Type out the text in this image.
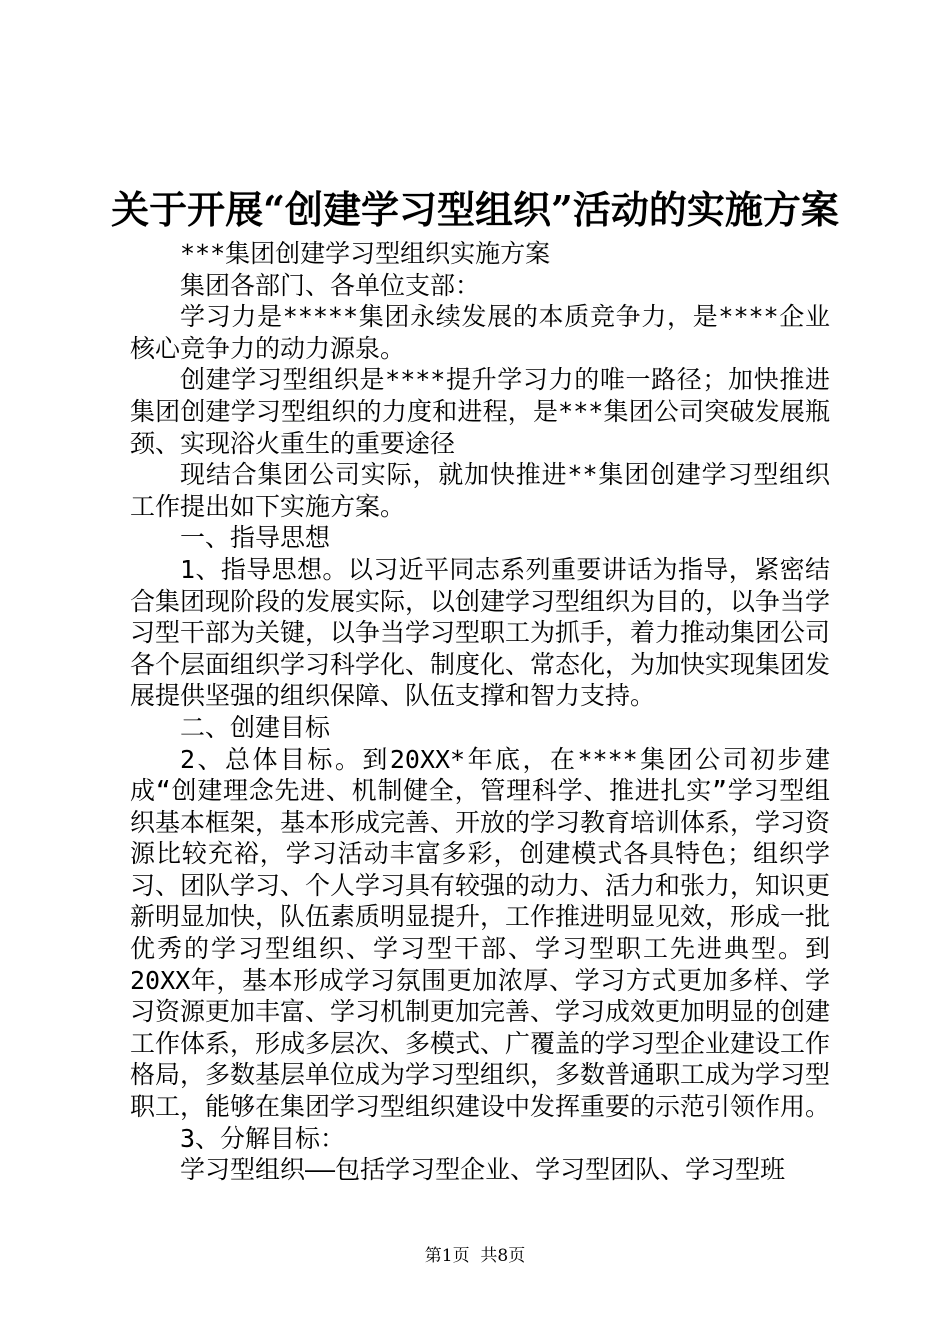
关于开展“创建学习型组织”活动的实施方案

***集团创建学习型组织实施方案

集团各部门、各单位支部：

学习力是*****集团永续发展的本质竞争力，是****企业核心竞争力的动力源泉。

创建学习型组织是****提升学习力的唯一路径；加快推进集团创建学习型组织的力度和进程，是***集团公司突破发展瓶颈、实现浴火重生的重要途径

现结合集团公司实际，就加快推进**集团创建学习型组织工作提出如下实施方案。

一、指导思想

1、指导思想。以习近平同志系列重要讲话为指导，紧密结合集团现阶段的发展实际，以创建学习型组织为目的，以争当学习型干部为关键，以争当学习型职工为抓手，着力推动集团公司各个层面组织学习科学化、制度化、常态化，为加快实现集团发展提供坚强的组织保障、队伍支撑和智力支持。

二、创建目标

2、总体目标。到20XX*年底，在****集团公司初步建成“创建理念先进、机制健全，管理科学、推进扎实”学习型组织基本框架，基本形成完善、开放的学习教育培训体系，学习资源比较充裕，学习活动丰富多彩，创建模式各具特色；组织学习、团队学习、个人学习具有较强的动力、活力和张力，知识更新明显加快，队伍素质明显提升，工作推进明显见效，形成一批优秀的学习型组织、学习型干部、学习型职工先进典型。到20XX年，基本形成学习氛围更加浓厚、学习方式更加多样、学习资源更加丰富、学习机制更加完善、学习成效更加明显的创建工作体系，形成多层次、多模式、广覆盖的学习型企业建设工作格局，多数基层单位成为学习型组织，多数普通职工成为学习型职工，能够在集团学习型组织建设中发挥重要的示范引领作用。

3、分解目标：

学习型组织——包括学习型企业、学习型团队、学习型班

第1页  共8页
